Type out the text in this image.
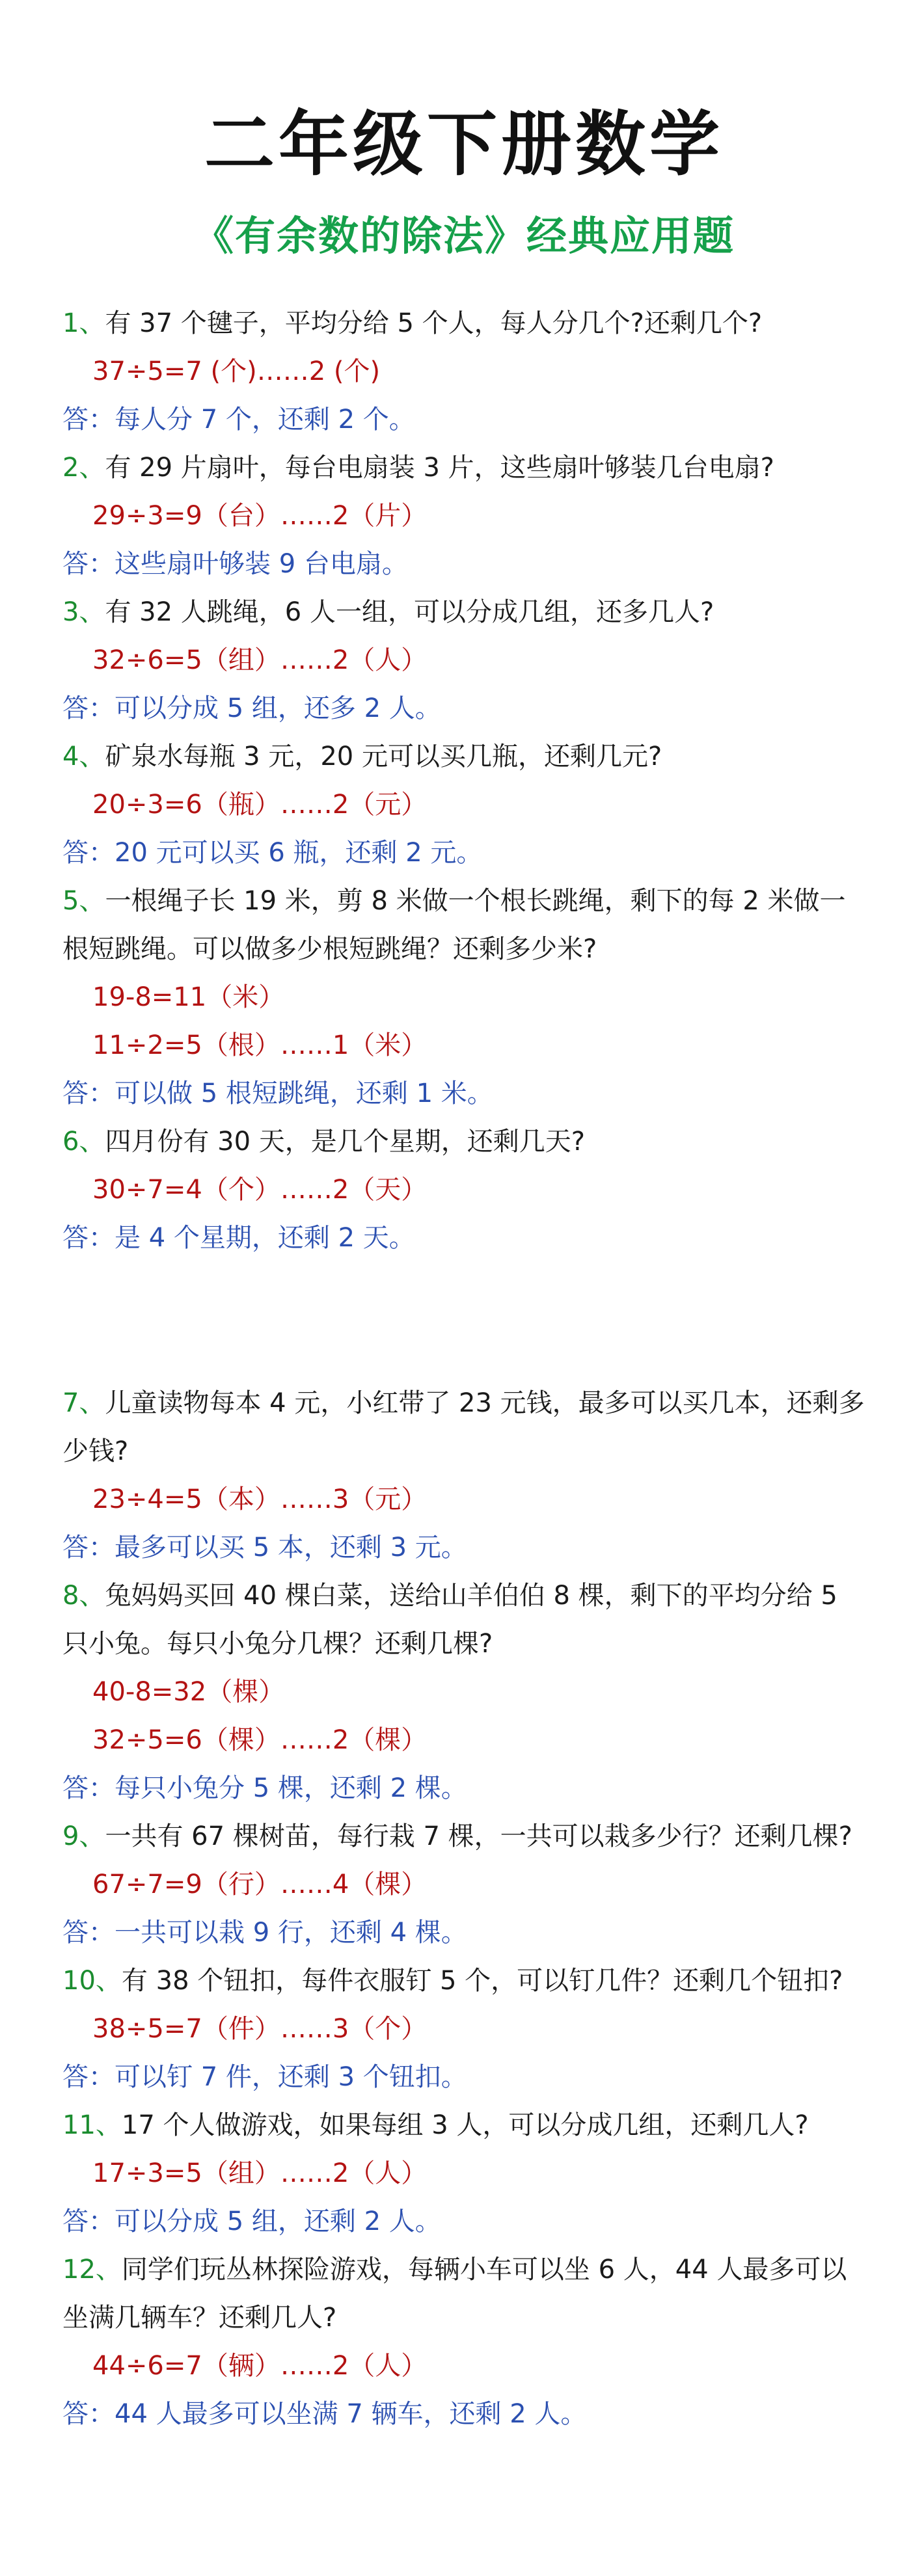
二年级下册数学
《有余数的除法》经典应用题

1、有 37 个毽子，平均分给 5 个人，每人分几个?还剩几个?

37÷5=7 (个)……2 (个)

答：每人分 7 个，还剩 2 个。

2、有 29 片扇叶，每台电扇装 3 片，这些扇叶够装几台电扇?

29÷3=9（台）……2（片）

答：这些扇叶够装 9 台电扇。

3、有 32 人跳绳，6 人一组，可以分成几组，还多几人?

32÷6=5（组）……2（人）

答：可以分成 5 组，还多 2 人。

4、矿泉水每瓶 3 元，20 元可以买几瓶，还剩几元?

20÷3=6（瓶）……2（元）

答：20 元可以买 6 瓶，还剩 2 元。

5、一根绳子长 19 米，剪 8 米做一个根长跳绳，剩下的每 2 米做一根短跳绳。可以做多少根短跳绳？还剩多少米?

19-8=11（米）

11÷2=5（根）……1（米）

答：可以做 5 根短跳绳，还剩 1 米。

6、四月份有 30 天，是几个星期，还剩几天?

30÷7=4（个）……2（天）

答：是 4 个星期，还剩 2 天。

7、儿童读物每本 4 元，小红带了 23 元钱，最多可以买几本，还剩多少钱?

23÷4=5（本）……3（元）

答：最多可以买 5 本，还剩 3 元。

8、兔妈妈买回 40 棵白菜，送给山羊伯伯 8 棵，剩下的平均分给 5 只小兔。每只小兔分几棵？还剩几棵?

40-8=32（棵）

32÷5=6（棵）……2（棵）

答：每只小兔分 5 棵，还剩 2 棵。

9、一共有 67 棵树苗，每行栽 7 棵，一共可以栽多少行？还剩几棵?

67÷7=9（行）……4（棵）

答：一共可以栽 9 行，还剩 4 棵。

10、有 38 个钮扣，每件衣服钉 5 个，可以钉几件？还剩几个钮扣?

38÷5=7（件）……3（个）

答：可以钉 7 件，还剩 3 个钮扣。

11、17 个人做游戏，如果每组 3 人，可以分成几组，还剩几人?

17÷3=5（组）……2（人）

答：可以分成 5 组，还剩 2 人。

12、同学们玩丛林探险游戏，每辆小车可以坐 6 人，44 人最多可以坐满几辆车？还剩几人?

44÷6=7（辆）……2（人）

答：44 人最多可以坐满 7 辆车，还剩 2 人。
